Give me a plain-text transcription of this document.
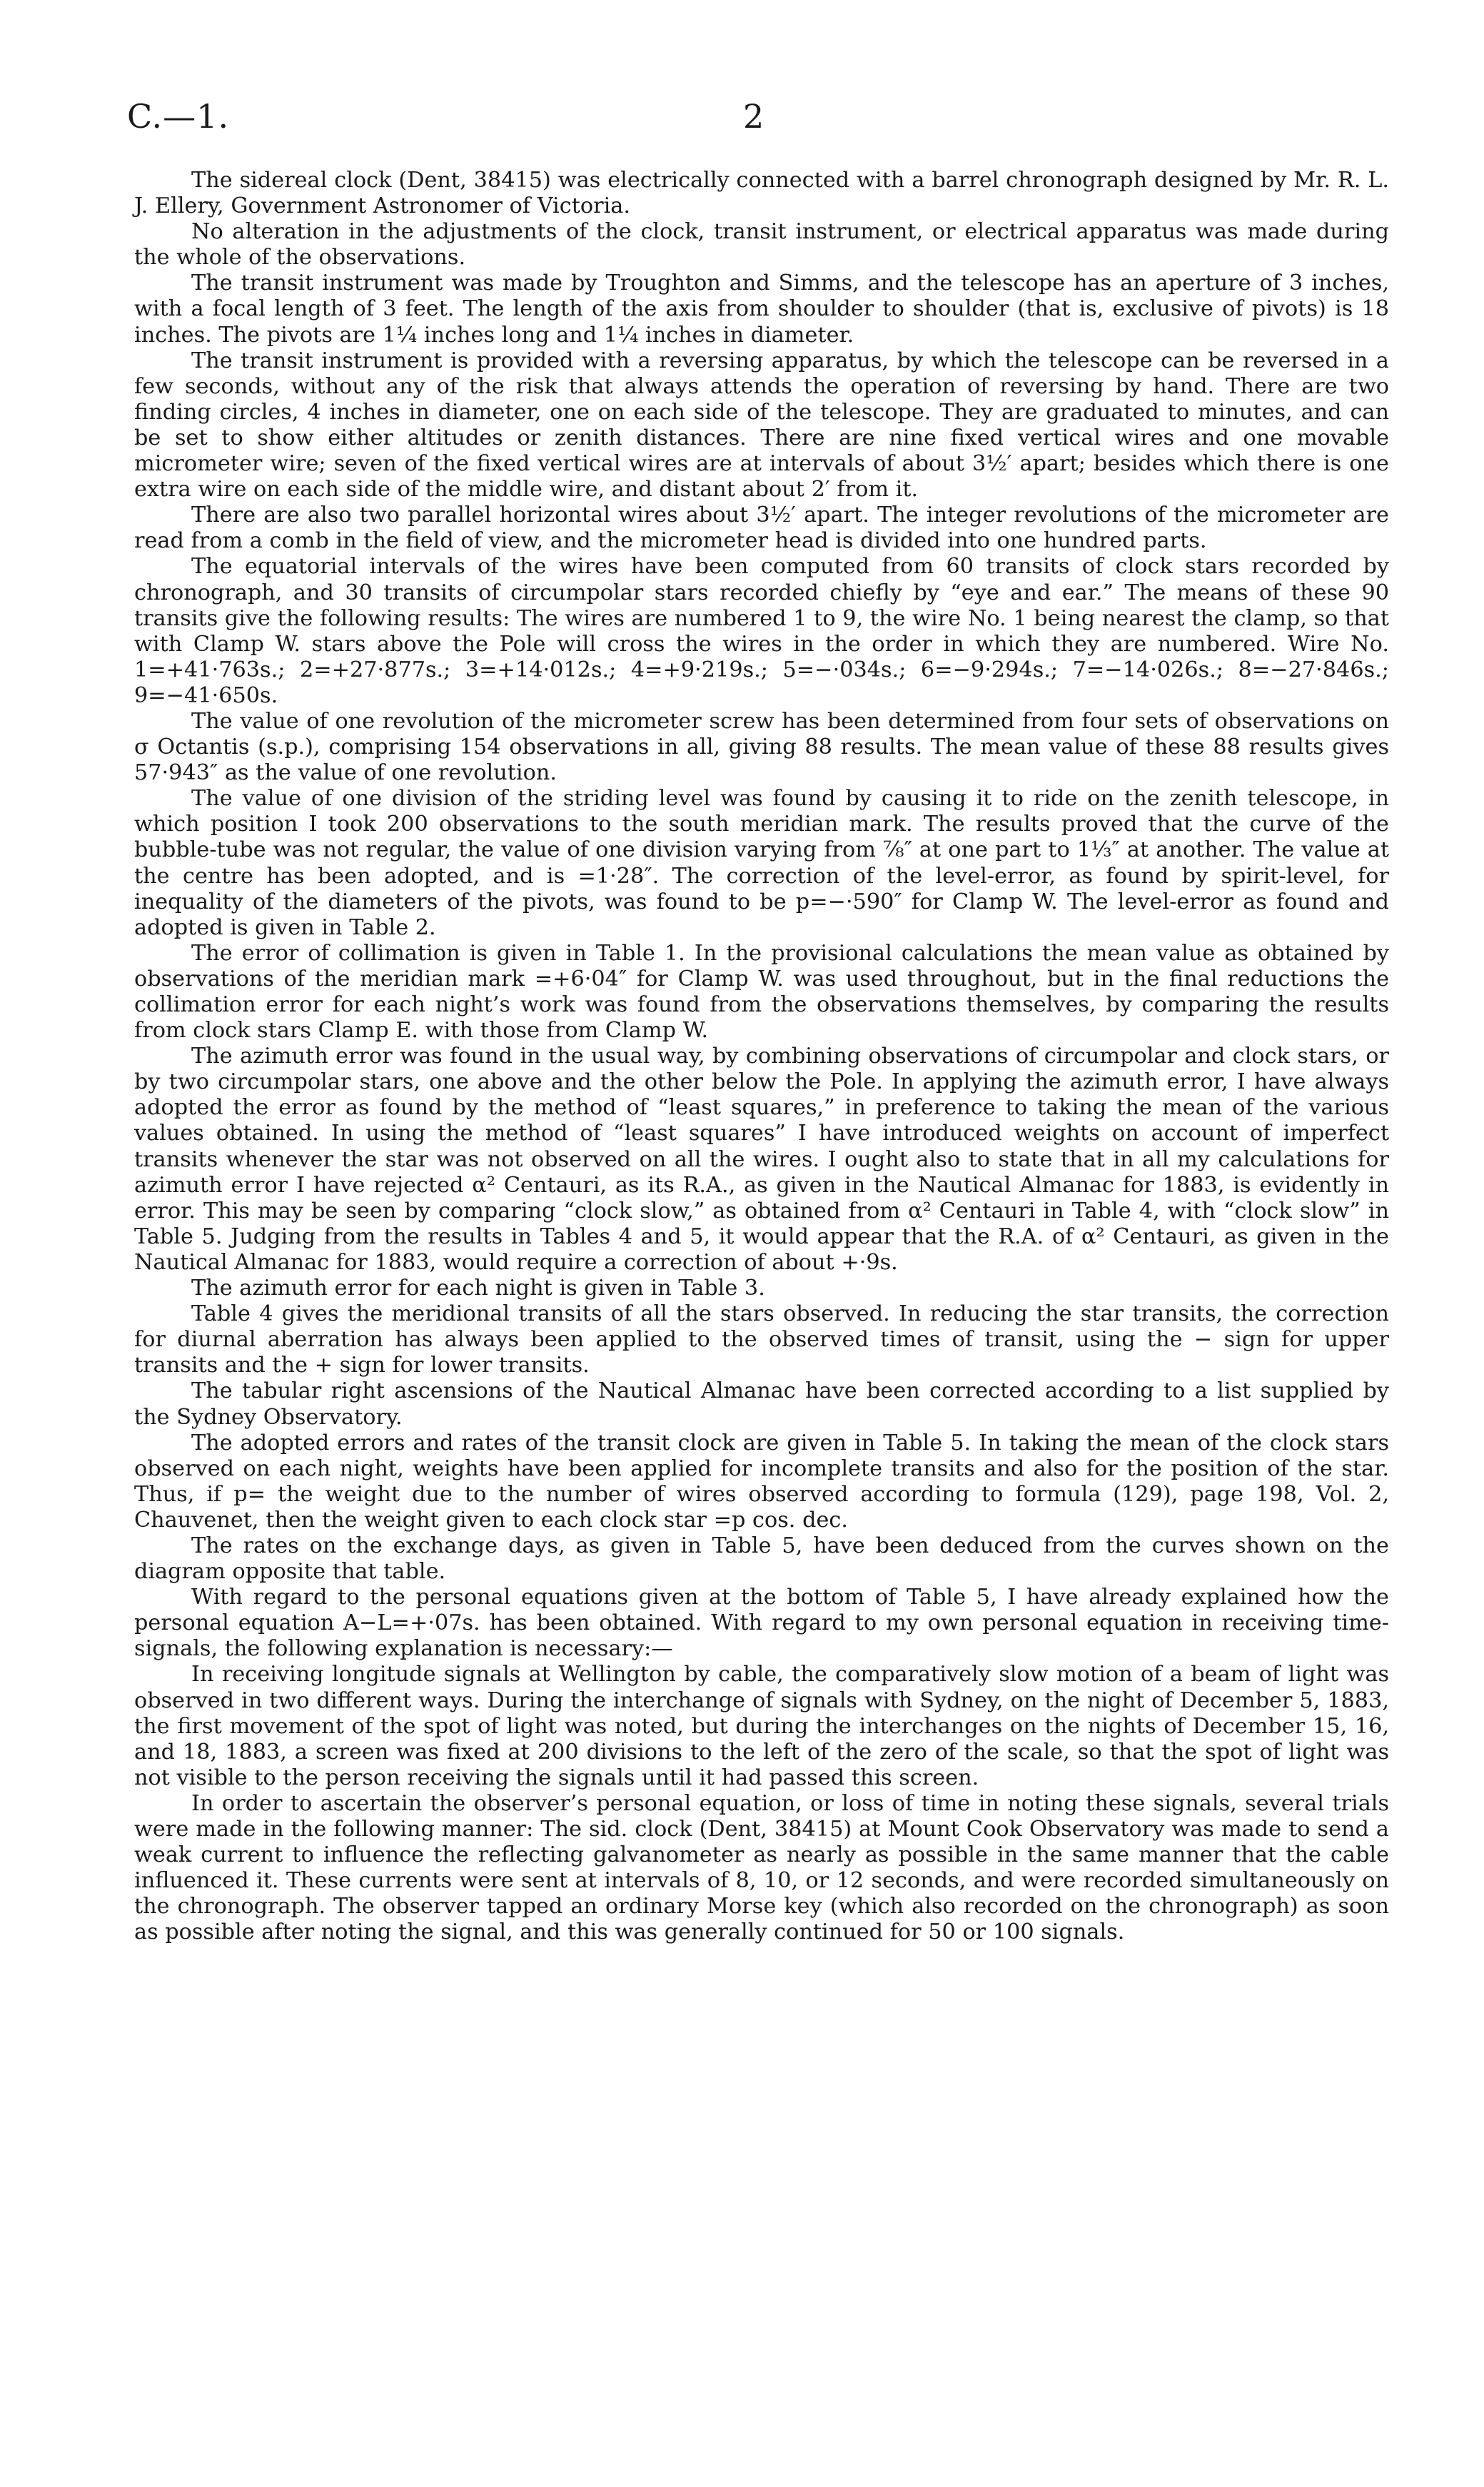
C.—1.	2

The sidereal clock (Dent, 38415) was electrically connected with a barrel chronograph designed by Mr. R. L. J. Ellery, Government Astronomer of Victoria.

No alteration in the adjustments of the clock, transit instrument, or electrical apparatus was made during the whole of the observations.

The transit instrument was made by Troughton and Simms, and the telescope has an aperture of 3 inches, with a focal length of 3 feet. The length of the axis from shoulder to shoulder (that is, exclusive of pivots) is 18 inches. The pivots are 1¼ inches long and 1¼ inches in diameter.

The transit instrument is provided with a reversing apparatus, by which the telescope can be reversed in a few seconds, without any of the risk that always attends the operation of reversing by hand. There are two finding circles, 4 inches in diameter, one on each side of the telescope. They are graduated to minutes, and can be set to show either altitudes or zenith distances. There are nine fixed vertical wires and one movable micrometer wire; seven of the fixed vertical wires are at intervals of about 3½′ apart; besides which there is one extra wire on each side of the middle wire, and distant about 2′ from it.

There are also two parallel horizontal wires about 3½′ apart. The integer revolutions of the micrometer are read from a comb in the field of view, and the micrometer head is divided into one hundred parts.

The equatorial intervals of the wires have been computed from 60 transits of clock stars recorded by chronograph, and 30 transits of circumpolar stars recorded chiefly by “eye and ear.” The means of these 90 transits give the following results: The wires are numbered 1 to 9, the wire No. 1 being nearest the clamp, so that with Clamp W. stars above the Pole will cross the wires in the order in which they are numbered. Wire No. 1=+41·763s.; 2=+27·877s.; 3=+14·012s.; 4=+9·219s.; 5=−·034s.; 6=−9·294s.; 7=−14·026s.; 8=−27·846s.; 9=−41·650s.

The value of one revolution of the micrometer screw has been determined from four sets of observations on σ Octantis (s.p.), comprising 154 observations in all, giving 88 results. The mean value of these 88 results gives 57·943″ as the value of one revolution.

The value of one division of the striding level was found by causing it to ride on the zenith telescope, in which position I took 200 observations to the south meridian mark. The results proved that the curve of the bubble-tube was not regular, the value of one division varying from ⅞″ at one part to 1⅓″ at another. The value at the centre has been adopted, and is =1·28″. The correction of the level-error, as found by spirit-level, for inequality of the diameters of the pivots, was found to be p=−·590″ for Clamp W. The level-error as found and adopted is given in Table 2.

The error of collimation is given in Table 1. In the provisional calculations the mean value as obtained by observations of the meridian mark =+6·04″ for Clamp W. was used throughout, but in the final reductions the collimation error for each night’s work was found from the observations themselves, by comparing the results from clock stars Clamp E. with those from Clamp W.

The azimuth error was found in the usual way, by combining observations of circumpolar and clock stars, or by two circumpolar stars, one above and the other below the Pole. In applying the azimuth error, I have always adopted the error as found by the method of “least squares,” in preference to taking the mean of the various values obtained. In using the method of “least squares” I have introduced weights on account of imperfect transits whenever the star was not observed on all the wires. I ought also to state that in all my calculations for azimuth error I have rejected α² Centauri, as its R.A., as given in the Nautical Almanac for 1883, is evidently in error. This may be seen by comparing “clock slow,” as obtained from α² Centauri in Table 4, with “clock slow” in Table 5. Judging from the results in Tables 4 and 5, it would appear that the R.A. of α² Centauri, as given in the Nautical Almanac for 1883, would require a correction of about +·9s.

The azimuth error for each night is given in Table 3.

Table 4 gives the meridional transits of all the stars observed. In reducing the star transits, the correction for diurnal aberration has always been applied to the observed times of transit, using the − sign for upper transits and the + sign for lower transits.

The tabular right ascensions of the Nautical Almanac have been corrected according to a list supplied by the Sydney Observatory.

The adopted errors and rates of the transit clock are given in Table 5. In taking the mean of the clock stars observed on each night, weights have been applied for incomplete transits and also for the position of the star. Thus, if p= the weight due to the number of wires observed according to formula (129), page 198, Vol. 2, Chauvenet, then the weight given to each clock star =p cos. dec.

The rates on the exchange days, as given in Table 5, have been deduced from the curves shown on the diagram opposite that table.

With regard to the personal equations given at the bottom of Table 5, I have already explained how the personal equation A−L=+·07s. has been obtained. With regard to my own personal equation in receiving time-signals, the following explanation is necessary:—

In receiving longitude signals at Wellington by cable, the comparatively slow motion of a beam of light was observed in two different ways. During the interchange of signals with Sydney, on the night of December 5, 1883, the first movement of the spot of light was noted, but during the interchanges on the nights of December 15, 16, and 18, 1883, a screen was fixed at 200 divisions to the left of the zero of the scale, so that the spot of light was not visible to the person receiving the signals until it had passed this screen.

In order to ascertain the observer’s personal equation, or loss of time in noting these signals, several trials were made in the following manner: The sid. clock (Dent, 38415) at Mount Cook Observatory was made to send a weak current to influence the reflecting galvanometer as nearly as possible in the same manner that the cable influenced it. These currents were sent at intervals of 8, 10, or 12 seconds, and were recorded simultaneously on the chronograph. The observer tapped an ordinary Morse key (which also recorded on the chronograph) as soon as possible after noting the signal, and this was generally continued for 50 or 100 signals.
